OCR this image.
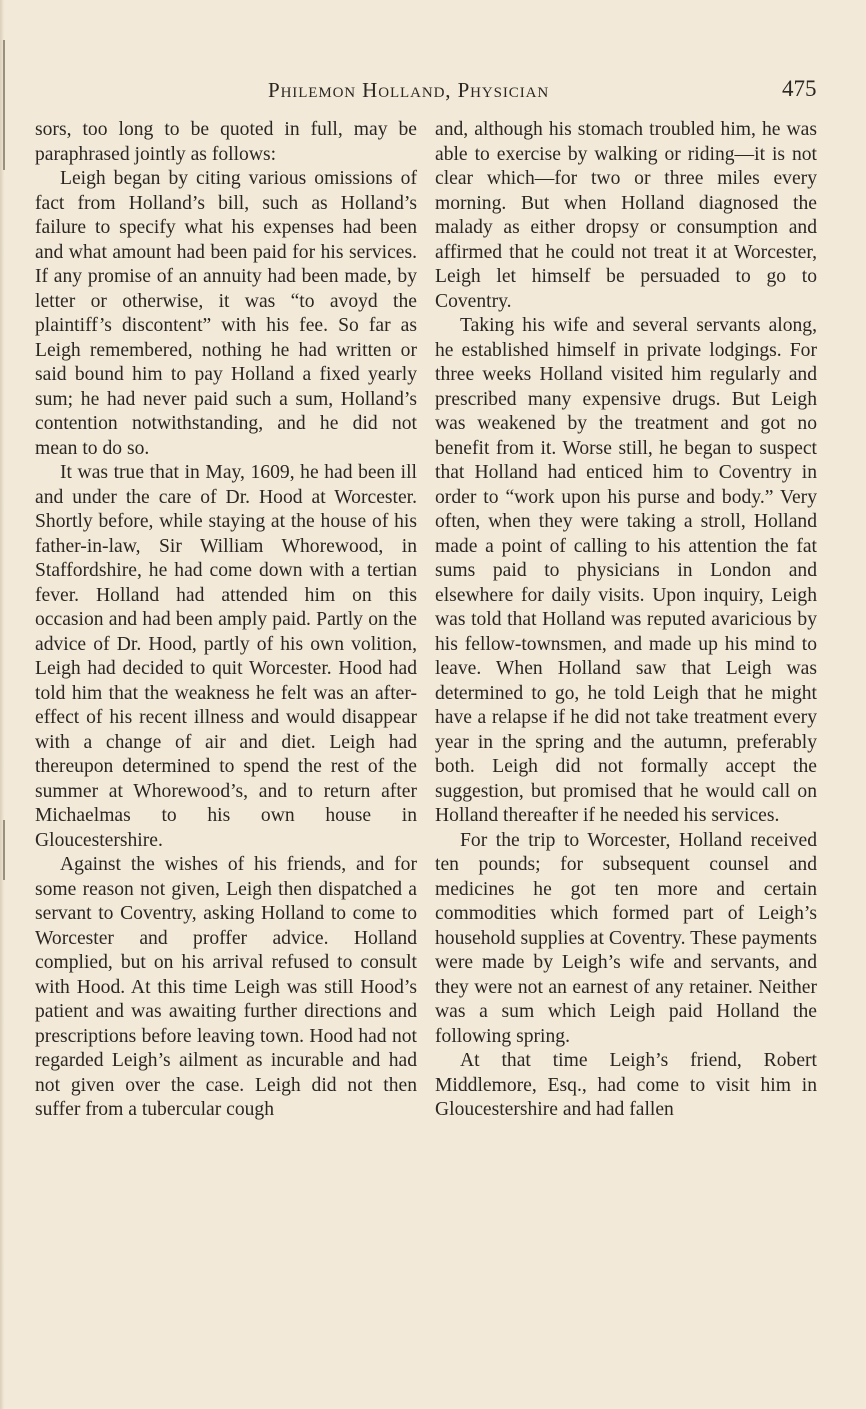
Philemon Holland, Physician	475

sors, too long to be quoted in full, may be paraphrased jointly as follows:

Leigh began by citing various omissions of fact from Holland’s bill, such as Holland’s failure to specify what his expenses had been and what amount had been paid for his services. If any promise of an annuity had been made, by letter or otherwise, it was “to avoyd the plaintiff’s discontent” with his fee. So far as Leigh remembered, nothing he had written or said bound him to pay Holland a fixed yearly sum; he had never paid such a sum, Holland’s contention notwithstanding, and he did not mean to do so.

It was true that in May, 1609, he had been ill and under the care of Dr. Hood at Worcester. Shortly before, while staying at the house of his father-in-law, Sir William Whorewood, in Staffordshire, he had come down with a tertian fever. Holland had attended him on this occasion and had been amply paid. Partly on the advice of Dr. Hood, partly of his own volition, Leigh had decided to quit Worcester. Hood had told him that the weakness he felt was an after-effect of his recent illness and would disappear with a change of air and diet. Leigh had thereupon determined to spend the rest of the summer at Whorewood’s, and to return after Michaelmas to his own house in Gloucestershire.

Against the wishes of his friends, and for some reason not given, Leigh then dispatched a servant to Coventry, asking Holland to come to Worcester and proffer advice. Holland complied, but on his arrival refused to consult with Hood. At this time Leigh was still Hood’s patient and was awaiting further directions and prescriptions before leaving town. Hood had not regarded Leigh’s ailment as incurable and had not given over the case. Leigh did not then suffer from a tubercular cough

and, although his stomach troubled him, he was able to exercise by walking or riding—it is not clear which—for two or three miles every morning. But when Holland diagnosed the malady as either dropsy or consumption and affirmed that he could not treat it at Worcester, Leigh let himself be persuaded to go to Coventry.

Taking his wife and several servants along, he established himself in private lodgings. For three weeks Holland visited him regularly and prescribed many expensive drugs. But Leigh was weakened by the treatment and got no benefit from it. Worse still, he began to suspect that Holland had enticed him to Coventry in order to “work upon his purse and body.” Very often, when they were taking a stroll, Holland made a point of calling to his attention the fat sums paid to physicians in London and elsewhere for daily visits. Upon inquiry, Leigh was told that Holland was reputed avaricious by his fellow-townsmen, and made up his mind to leave. When Holland saw that Leigh was determined to go, he told Leigh that he might have a relapse if he did not take treatment every year in the spring and the autumn, preferably both. Leigh did not formally accept the suggestion, but promised that he would call on Holland thereafter if he needed his services.

For the trip to Worcester, Holland received ten pounds; for subsequent counsel and medicines he got ten more and certain commodities which formed part of Leigh’s household supplies at Coventry. These payments were made by Leigh’s wife and servants, and they were not an earnest of any retainer. Neither was a sum which Leigh paid Holland the following spring.

At that time Leigh’s friend, Robert Middlemore, Esq., had come to visit him in Gloucestershire and had fallen
